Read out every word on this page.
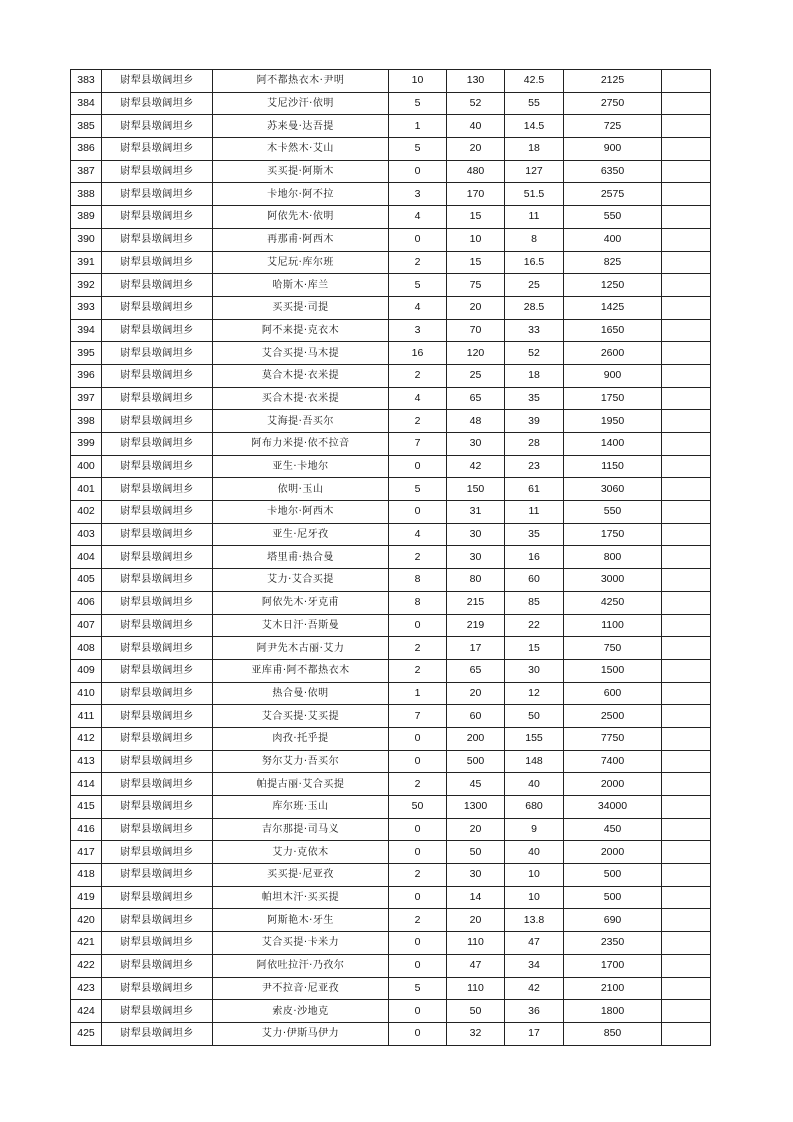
383	尉犁县墩阔坦乡	阿不都热衣木·尹明	10	130	42.5	2125	
384	尉犁县墩阔坦乡	艾尼沙汗·依明	5	52	55	2750	
385	尉犁县墩阔坦乡	苏来曼·达吾提	1	40	14.5	725	
386	尉犁县墩阔坦乡	木卡然木·艾山	5	20	18	900	
387	尉犁县墩阔坦乡	买买提·阿斯木	0	480	127	6350	
388	尉犁县墩阔坦乡	卡地尔·阿不拉	3	170	51.5	2575	
389	尉犁县墩阔坦乡	阿依先木·依明	4	15	11	550	
390	尉犁县墩阔坦乡	再那甫·阿西木	0	10	8	400	
391	尉犁县墩阔坦乡	艾尼玩·库尔班	2	15	16.5	825	
392	尉犁县墩阔坦乡	哈斯木·库兰	5	75	25	1250	
393	尉犁县墩阔坦乡	买买提·司提	4	20	28.5	1425	
394	尉犁县墩阔坦乡	阿不来提·克衣木	3	70	33	1650	
395	尉犁县墩阔坦乡	艾合买提·马木提	16	120	52	2600	
396	尉犁县墩阔坦乡	莫合木提·衣米提	2	25	18	900	
397	尉犁县墩阔坦乡	买合木提·衣米提	4	65	35	1750	
398	尉犁县墩阔坦乡	艾海提·吾买尔	2	48	39	1950	
399	尉犁县墩阔坦乡	阿布力米提·依不拉音	7	30	28	1400	
400	尉犁县墩阔坦乡	亚生·卡地尔	0	42	23	1150	
401	尉犁县墩阔坦乡	依明·玉山	5	150	61	3060	
402	尉犁县墩阔坦乡	卡地尔·阿西木	0	31	11	550	
403	尉犁县墩阔坦乡	亚生·尼牙孜	4	30	35	1750	
404	尉犁县墩阔坦乡	塔里甫·热合曼	2	30	16	800	
405	尉犁县墩阔坦乡	艾力·艾合买提	8	80	60	3000	
406	尉犁县墩阔坦乡	阿依先木·牙克甫	8	215	85	4250	
407	尉犁县墩阔坦乡	艾木日汗·吾斯曼	0	219	22	1100	
408	尉犁县墩阔坦乡	阿尹先木古丽·艾力	2	17	15	750	
409	尉犁县墩阔坦乡	亚库甫·阿不都热衣木	2	65	30	1500	
410	尉犁县墩阔坦乡	热合曼·依明	1	20	12	600	
411	尉犁县墩阔坦乡	艾合买提·艾买提	7	60	50	2500	
412	尉犁县墩阔坦乡	肉孜·托乎提	0	200	155	7750	
413	尉犁县墩阔坦乡	努尔艾力·吾买尔	0	500	148	7400	
414	尉犁县墩阔坦乡	帕提古丽·艾合买提	2	45	40	2000	
415	尉犁县墩阔坦乡	库尔班·玉山	50	1300	680	34000	
416	尉犁县墩阔坦乡	吉尔那提·司马义	0	20	9	450	
417	尉犁县墩阔坦乡	艾力·克依木	0	50	40	2000	
418	尉犁县墩阔坦乡	买买提·尼亚孜	2	30	10	500	
419	尉犁县墩阔坦乡	帕坦木汗·买买提	0	14	10	500	
420	尉犁县墩阔坦乡	阿斯艳木·牙生	2	20	13.8	690	
421	尉犁县墩阔坦乡	艾合买提·卡米力	0	110	47	2350	
422	尉犁县墩阔坦乡	阿依吐拉汗·乃孜尔	0	47	34	1700	
423	尉犁县墩阔坦乡	尹不拉音·尼亚孜	5	110	42	2100	
424	尉犁县墩阔坦乡	索皮·沙地克	0	50	36	1800	
425	尉犁县墩阔坦乡	艾力·伊斯马伊力	0	32	17	850	
